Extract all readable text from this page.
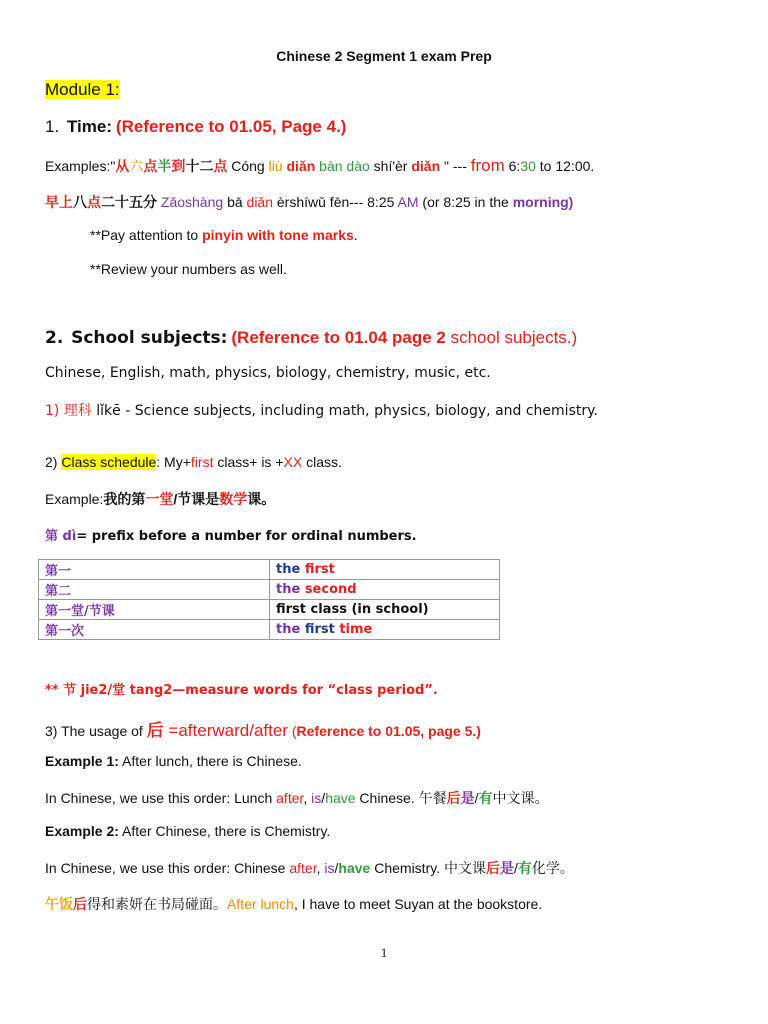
Chinese 2 Segment 1 exam Prep
Module 1:
1. Time: (Reference to 01.05, Page 4.)
Examples:"从六点半到十二点 Cóng liù diǎn bàn dào shí'èr diǎn " --- from 6:30 to 12:00.
早上八点二十五分 Zǎoshàng bā diǎn èrshíwǔ fēn--- 8:25 AM (or 8:25 in the morning)
**Pay attention to pinyin with tone marks.
**Review your numbers as well.
2. School subjects: (Reference to 01.04 page 2 school subjects.)
Chinese, English, math, physics, biology, chemistry, music, etc.
1) 理科 lǐkē - Science subjects, including math, physics, biology, and chemistry.
2) Class schedule: My+first class+ is +XX class.
Example:我的第一堂/节课是数学课。
第 dì= prefix before a number for ordinal numbers.
第一	the first
第二	the second
第一堂/节课	first class (in school)
第一次	the first time
** 节 jie2/堂 tang2—measure words for “class period”.
3) The usage of 后 =afterward/after (Reference to 01.05, page 5.)
Example 1: After lunch, there is Chinese.
In Chinese, we use this order: Lunch after, is/have Chinese. 午餐后是/有中文课。
Example 2: After Chinese, there is Chemistry.
In Chinese, we use this order: Chinese after, is/have Chemistry. 中文课后是/有化学。
午饭后得和素妍在书局碰面。After lunch, I have to meet Suyan at the bookstore.
1
